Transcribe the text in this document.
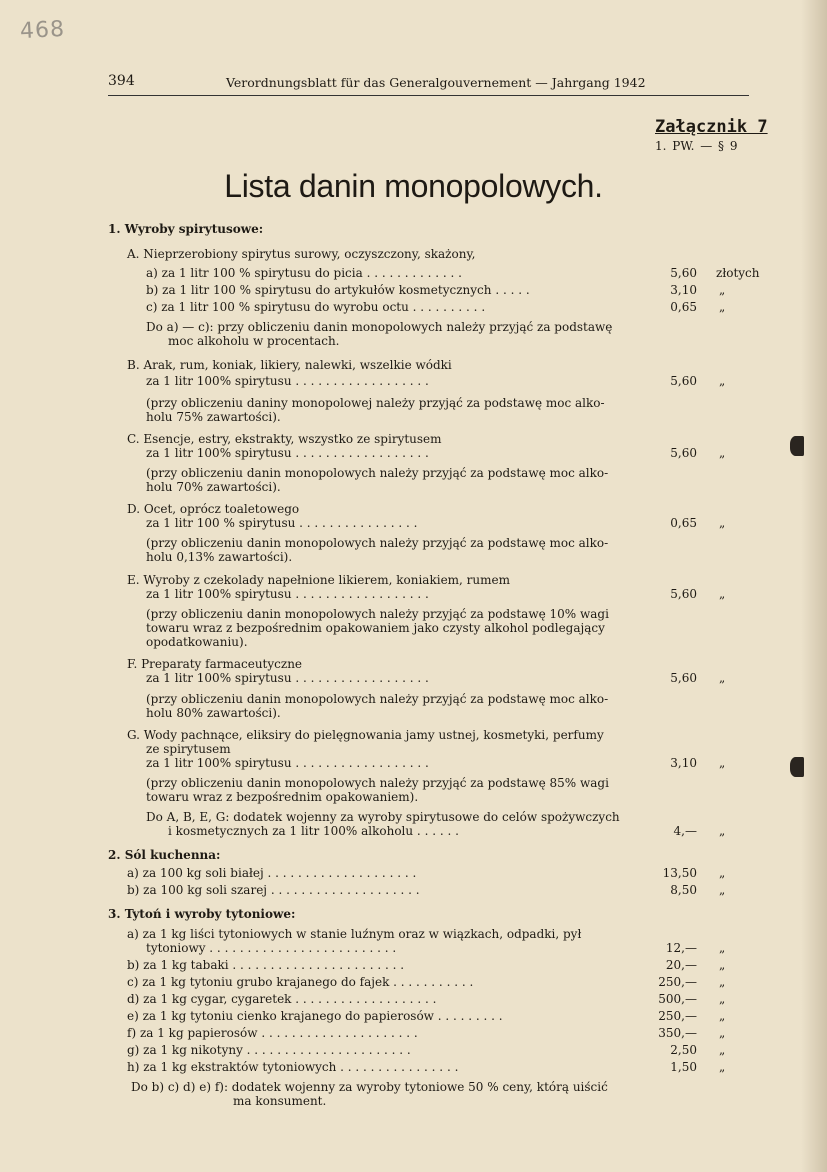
468
394	Verordnungsblatt für das Generalgouvernement — Jahrgang 1942
Załącznik 7
1. PW. — § 9
Lista danin monopolowych.
1. Wyroby spirytusowe:
A. Nieprzerobiony spirytus surowy, oczyszczony, skażony,
a) za 1 litr 100 % spirytusu do picia . . . . . . . . . . . . .
b) za 1 litr 100 % spirytusu do artykułów kosmetycznych . . . . .
c) za 1 litr 100 % spirytusu do wyrobu octu . . . . . . . . . .
Do a) — c): przy obliczeniu danin monopolowych należy przyjąć za podstawę
moc alkoholu w procentach.
B. Arak, rum, koniak, likiery, nalewki, wszelkie wódki
za 1 litr 100% spirytusu . . . . . . . . . . . . . . . . . .
(przy obliczeniu daniny monopolowej należy przyjąć za podstawę moc alko-
holu 75% zawartości).
C. Esencje, estry, ekstrakty, wszystko ze spirytusem
za 1 litr 100% spirytusu . . . . . . . . . . . . . . . . . .
(przy obliczeniu danin monopolowych należy przyjąć za podstawę moc alko-
holu 70% zawartości).
D. Ocet, oprócz toaletowego
za 1 litr 100 % spirytusu . . . . . . . . . . . . . . . .
(przy obliczeniu danin monopolowych należy przyjąć za podstawę moc alko-
holu 0,13% zawartości).
E. Wyroby z czekolady napełnione likierem, koniakiem, rumem
za 1 litr 100% spirytusu . . . . . . . . . . . . . . . . . .
(przy obliczeniu danin monopolowych należy przyjąć za podstawę 10% wagi
towaru wraz z bezpośrednim opakowaniem jako czysty alkohol podlegający
opodatkowaniu).
F. Preparaty farmaceutyczne
za 1 litr 100% spirytusu . . . . . . . . . . . . . . . . . .
(przy obliczeniu danin monopolowych należy przyjąć za podstawę moc alko-
holu 80% zawartości).
G. Wody pachnące, eliksiry do pielęgnowania jamy ustnej, kosmetyki, perfumy
ze spirytusem
za 1 litr 100% spirytusu . . . . . . . . . . . . . . . . . .
(przy obliczeniu danin monopolowych należy przyjąć za podstawę 85% wagi
towaru wraz z bezpośrednim opakowaniem).
Do A, B, E, G: dodatek wojenny za wyroby spirytusowe do celów spożywczych
i kosmetycznych za 1 litr 100% alkoholu . . . . . .
2. Sól kuchenna:
a) za 100 kg soli białej . . . . . . . . . . . . . . . . . . . .
b) za 100 kg soli szarej . . . . . . . . . . . . . . . . . . . .
3. Tytoń i wyroby tytoniowe:
a) za 1 kg liści tytoniowych w stanie luźnym oraz w wiązkach, odpadki, pył
tytoniowy . . . . . . . . . . . . . . . . . . . . . . . . .
b) za 1 kg tabaki . . . . . . . . . . . . . . . . . . . . . . .
c) za 1 kg tytoniu grubo krajanego do fajek . . . . . . . . . . .
d) za 1 kg cygar, cygaretek . . . . . . . . . . . . . . . . . . .
e) za 1 kg tytoniu cienko krajanego do papierosów . . . . . . . . .
f) za 1 kg papierosów . . . . . . . . . . . . . . . . . . . . .
g) za 1 kg nikotyny . . . . . . . . . . . . . . . . . . . . . .
h) za 1 kg ekstraktów tytoniowych . . . . . . . . . . . . . . . .
Do b) c) d) e) f): dodatek wojenny za wyroby tytoniowe 50 % ceny, którą uiścić
ma konsument.
5,60 złotych
3,10 „
0,65 „
5,60 „
5,60 „
0,65 „
5,60 „
5,60 „
3,10 „
4,— „
13,50 „
8,50 „
12,— „
20,— „
250,— „
500,— „
250,— „
350,— „
2,50 „
1,50 „
